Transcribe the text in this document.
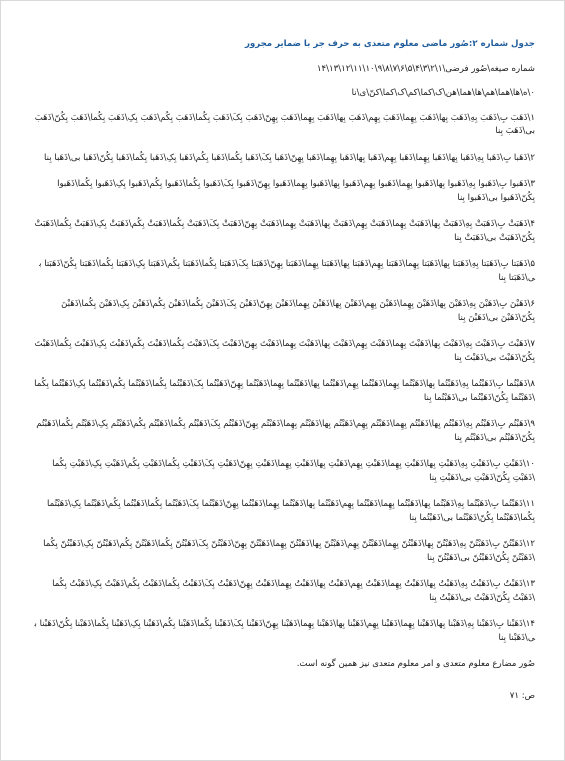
جدول شماره ۲:صُور ماضی معلوم متعدی به حرف جر با ضمایر مجرور
شماره صیغه\صُور فرضی\۱\۲\۳\۴\۵\۶\۷\۸\۹\۱۰\۱۱\۱۲\۱۳\۱۴
۰\ه\ها\هما\هم\ها\هما\هن\ک\کما\کم\ک\کما\کنّ\ی\نا
۱\ذَهَبَ بِ\ذَهَبَ بِهِ\ذَهَبَ بِها\ذَهَبَ بِهِما\ذَهَبَ بِهِم\ذَهَبَ بِها\ذَهَبَ بِهِما\ذَهَبَ بِهِنّ\ذَهَبَ بِکَ\ذَهَبَ بِکُما\ذَهَبَ بِکُم\ذَهَبَ بِکِ\ذَهَبَ بِکُما\ذَهَبَ بِکُنّ\ذَهَبَ بی\ذَهَبَ بِنا
۲\ذَهَبا بِ\ذَهَبا بِهِ\ذَهَبا بِها\ذَهَبا بِهِما\ذَهَبا بِهِم\ذَهَبا بِها\ذَهَبا بِهِما\ذَهَبا بِهِنّ\ذَهَبا بِکَ\ذَهَبا بِکُما\ذَهَبا بِکُم\ذَهَبا بِکِ\ذَهَبا بِکُما\ذَهَبا بِکُنّ\ذَهَبا بی\ذَهَبا بِنا
۳\ذَهَبوا بِ\ذَهَبوا بِهِ\ذَهَبوا بِها\ذَهَبوا بِهِما\ذَهَبوا بِهِم\ذَهَبوا بِها\ذَهَبوا بِهِما\ذَهَبوا بِهِنّ\ذَهَبوا بِکَ\ذَهَبوا بِکُما\ذَهَبوا بِکُم\ذَهَبوا بِکِ\ذَهَبوا بِکُما\ذَهَبوا بِکُنّ\ذَهَبوا بی\ذَهَبوا بِنا
۴\ذَهَبَتْ بِ\ذَهَبَتْ بِهِ\ذَهَبَتْ بِها\ذَهَبَتْ بِهِما\ذَهَبَتْ بِهِم\ذَهَبَتْ بِها\ذَهَبَتْ بِهِما\ذَهَبَتْ بِهِنّ\ذَهَبَتْ بِکَ\ذَهَبَتْ بِکُما\ذَهَبَتْ بِکُم\ذَهَبَتْ بِکِ\ذَهَبَتْ بِکُما\ذَهَبَتْ بِکُنّ\ذَهَبَتْ بی\ذَهَبَتْ بِنا
۵\ذَهَبَتا بِ\ذَهَبَتا بِهِ\ذَهَبَتا بِها\ذَهَبَتا بِهِما\ذَهَبَتا بِهِم\ذَهَبَتا بِها\ذَهَبَتا بِهِما\ذَهَبَتا بِهِنّ\ذَهَبَتا بِکَ\ذَهَبَتا بِکُما\ذَهَبَتا بِکُم\ذَهَبَتا بِکِ\ذَهَبَتا بِکُما\ذَهَبَتا بِکُنّ\ذَهَبَتا بی\ذَهَبَتا بِنا
۶\ذَهَبْنَ بِ\ذَهَبْنَ بِهِ\ذَهَبْنَ بِها\ذَهَبْنَ بِهِما\ذَهَبْنَ بِهِم\ذَهَبْنَ بِها\ذَهَبْنَ بِهِما\ذَهَبْنَ بِهِنّ\ذَهَبْنَ بِکَ\ذَهَبْنَ بِکُما\ذَهَبْنَ بِکُم\ذَهَبْنَ بِکِ\ذَهَبْنَ بِکُما\ذَهَبْنَ بِکُنّ\ذَهَبْنَ بی\ذَهَبْنَ بِنا
۷\ذَهَبْتَ بِ\ذَهَبْتَ بِهِ\ذَهَبْتَ بِها\ذَهَبْتَ بِهِما\ذَهَبْتَ بِهِم\ذَهَبْتَ بِها\ذَهَبْتَ بِهِما\ذَهَبْتَ بِهِنّ\ذَهَبْتَ بِکَ\ذَهَبْتَ بِکُما\ذَهَبْتَ بِکُم\ذَهَبْتَ بِکِ\ذَهَبْتَ بِکُما\ذَهَبْتَ بِکُنّ\ذَهَبْتَ بی\ذَهَبْتَ بِنا
۸\ذَهَبْتُما بِ\ذَهَبْتُما بِهِ\ذَهَبْتُما بِها\ذَهَبْتُما بِهِما\ذَهَبْتُما بِهِم\ذَهَبْتُما بِها\ذَهَبْتُما بِهِما\ذَهَبْتُما بِهِنّ\ذَهَبْتُما بِکَ\ذَهَبْتُما بِکُما\ذَهَبْتُما بِکُم\ذَهَبْتُما بِکِ\ذَهَبْتُما بِکُما\ذَهَبْتُما بِکُنّ\ذَهَبْتُما بی\ذَهَبْتُما بِنا
۹\ذَهَبْتُم بِ\ذَهَبْتُم بِهِ\ذَهَبْتُم بِها\ذَهَبْتُم بِهِما\ذَهَبْتُم بِهِم\ذَهَبْتُم بِها\ذَهَبْتُم بِهِما\ذَهَبْتُم بِهِنّ\ذَهَبْتُم بِکَ\ذَهَبْتُم بِکُما\ذَهَبْتُم بِکُم\ذَهَبْتُم بِکِ\ذَهَبْتُم بِکُما\ذَهَبْتُم بِکُنّ\ذَهَبْتُم بی\ذَهَبْتُم بِنا
۱۰\ذَهَبْتِ بِ\ذَهَبْتِ بِهِ\ذَهَبْتِ بِها\ذَهَبْتِ بِهِما\ذَهَبْتِ بِهِم\ذَهَبْتِ بِها\ذَهَبْتِ بِهِما\ذَهَبْتِ بِهِنّ\ذَهَبْتِ بِکَ\ذَهَبْتِ بِکُما\ذَهَبْتِ بِکُم\ذَهَبْتِ بِکِ\ذَهَبْتِ بِکُما\ذَهَبْتِ بِکُنّ\ذَهَبْتِ بی\ذَهَبْتِ بِنا
۱۱\ذَهَبْتُما بِ\ذَهَبْتُما بِهِ\ذَهَبْتُما بِها\ذَهَبْتُما بِهِما\ذَهَبْتُما بِهِم\ذَهَبْتُما بِها\ذَهَبْتُما بِهِما\ذَهَبْتُما بِهِنّ\ذَهَبْتُما بِکَ\ذَهَبْتُما بِکُما\ذَهَبْتُما بِکُم\ذَهَبْتُما بِکِ\ذَهَبْتُما بِکُما\ذَهَبْتُما بِکُنّ\ذَهَبْتُما بی\ذَهَبْتُما بِنا
۱۲\ذَهَبْتُنّ بِ\ذَهَبْتُنّ بِهِ\ذَهَبْتُنّ بِها\ذَهَبْتُنّ بِهِما\ذَهَبْتُنّ بِهِم\ذَهَبْتُنّ بِها\ذَهَبْتُنّ بِهِما\ذَهَبْتُنّ بِهِنّ\ذَهَبْتُنّ بِکَ\ذَهَبْتُنّ بِکُما\ذَهَبْتُنّ بِکُم\ذَهَبْتُنّ بِکِ\ذَهَبْتُنّ بِکُما\ذَهَبْتُنّ بِکُنّ\ذَهَبْتُنّ بی\ذَهَبْتُنّ بِنا
۱۳\ذَهَبْتُ بِ\ذَهَبْتُ بِهِ\ذَهَبْتُ بِها\ذَهَبْتُ بِهِما\ذَهَبْتُ بِهِم\ذَهَبْتُ بِها\ذَهَبْتُ بِهِما\ذَهَبْتُ بِهِنّ\ذَهَبْتُ بِکَ\ذَهَبْتُ بِکُما\ذَهَبْتُ بِکُم\ذَهَبْتُ بِکِ\ذَهَبْتُ بِکُما\ذَهَبْتُ بِکُنّ\ذَهَبْتُ بی\ذَهَبْتُ بِنا
۱۴\ذَهَبْنا بِ\ذَهَبْنا بِهِ\ذَهَبْنا بِها\ذَهَبْنا بِهِما\ذَهَبْنا بِهِم\ذَهَبْنا بِها\ذَهَبْنا بِهِما\ذَهَبْنا بِهِنّ\ذَهَبْنا بِکَ\ذَهَبْنا بِکُما\ذَهَبْنا بِکُم\ذَهَبْنا بِکِ\ذَهَبْنا بِکُما\ذَهَبْنا بِکُنّ\ذَهَبْنا بی\ذَهَبْنا بِنا
صُور مضارع معلوم متعدی و امر معلوم متعدی نیز همین گونه است.
ص: ۷۱
